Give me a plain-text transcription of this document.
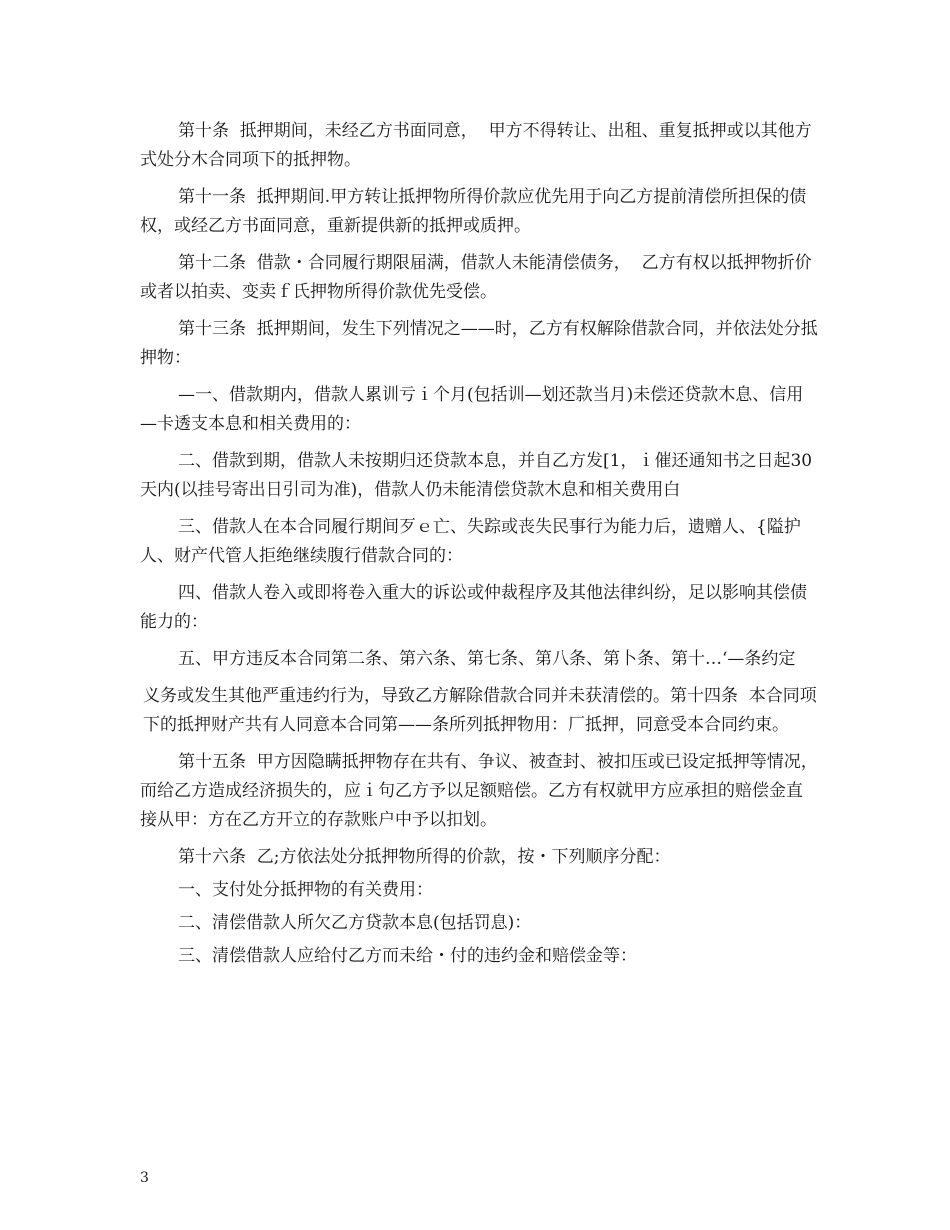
第十条  抵押期间，未经乙方书面同意，  甲方不得转让、出租、重复抵押或以其他方式处分木合同项下的抵押物。

第十一条  抵押期间.甲方转让抵押物所得价款应优先用于向乙方提前清偿所担保的债权，或经乙方书面同意，重新提供新的抵押或质押。

第十二条  借款・合同履行期限届满，借款人未能清偿债务，  乙方有权以抵押物折价或者以拍卖、变卖ｆ氏押物所得价款优先受偿。

第十三条  抵押期间，发生下列情况之——时，乙方有权解除借款合同，并依法处分抵押物：

—一、借款期内，借款人累训亏ｉ个月(包括训—划还款当月)未偿还贷款木息、信用—卡透支本息和相关费用的：

二、借款到期，借款人未按期归还贷款本息，并自乙方发[1，ｉ催还通知书之日起30天内(以挂号寄出日引司为准)，借款人仍未能清偿贷款木息和相关费用白

三、借款人在本合同履行期间歹ｅ亡、失踪或丧失民事行为能力后，遗赠人、{隘护人、财产代管人拒绝继续腹行借款合同的：

四、借款人卷入或即将卷入重大的诉讼或仲裁程序及其他法律纠纷，足以影响其偿债能力的：

五、甲方违反本合同第二条、第六条、第七条、第八条、第卜条、第十…‘—条约定

义务或发生其他严重违约行为，导致乙方解除借款合同并未获清偿的。第十四条  本合同项下的抵押财产共有人同意本合同第——条所列抵押物用：厂抵押，同意受本合同约束。

第十五条  甲方因隐瞒抵押物存在共有、争议、被查封、被扣压或已设定抵押等情况，而给乙方造成经济损失的，应ｉ句乙方予以足额赔偿。乙方有权就甲方应承担的赔偿金直接从甲：方在乙方开立的存款账户中予以扣划。

第十六条  乙;方依法处分抵押物所得的价款，按・下列顺序分配：

一、支付处分抵押物的有关费用：

二、清偿借款人所欠乙方贷款本息(包括罚息)：

三、清偿借款人应给付乙方而未给・付的违约金和赔偿金等：

3
